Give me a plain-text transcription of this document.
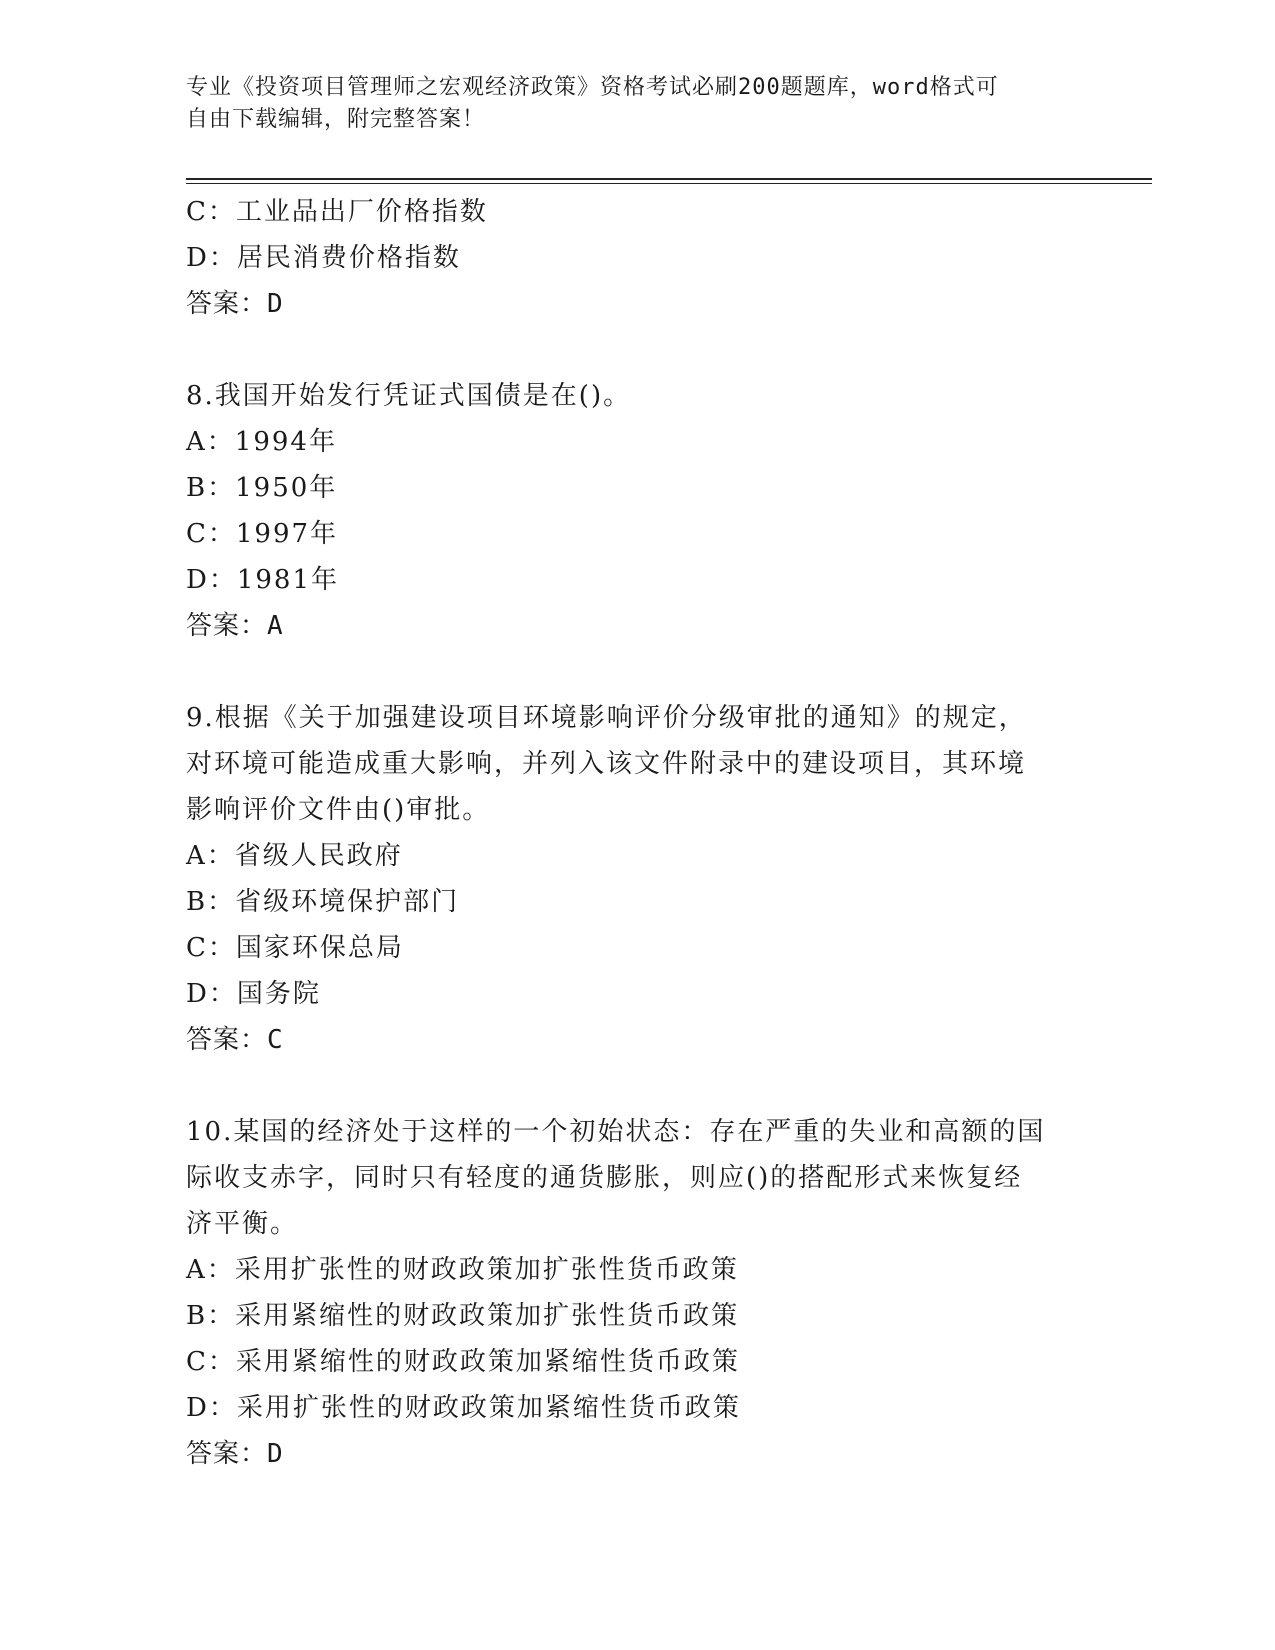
专业《投资项目管理师之宏观经济政策》资格考试必刷200题题库，word格式可
自由下载编辑，附完整答案！
C：工业品出厂价格指数
D：居民消费价格指数
答案：D
8.我国开始发行凭证式国债是在()。
A：1994年
B：1950年
C：1997年
D：1981年
答案：A
9.根据《关于加强建设项目环境影响评价分级审批的通知》的规定，
对环境可能造成重大影响，并列入该文件附录中的建设项目，其环境
影响评价文件由()审批。
A：省级人民政府
B：省级环境保护部门
C：国家环保总局
D：国务院
答案：C
10.某国的经济处于这样的一个初始状态：存在严重的失业和高额的国
际收支赤字，同时只有轻度的通货膨胀，则应()的搭配形式来恢复经
济平衡。
A：采用扩张性的财政政策加扩张性货币政策
B：采用紧缩性的财政政策加扩张性货币政策
C：采用紧缩性的财政政策加紧缩性货币政策
D：采用扩张性的财政政策加紧缩性货币政策
答案：D
